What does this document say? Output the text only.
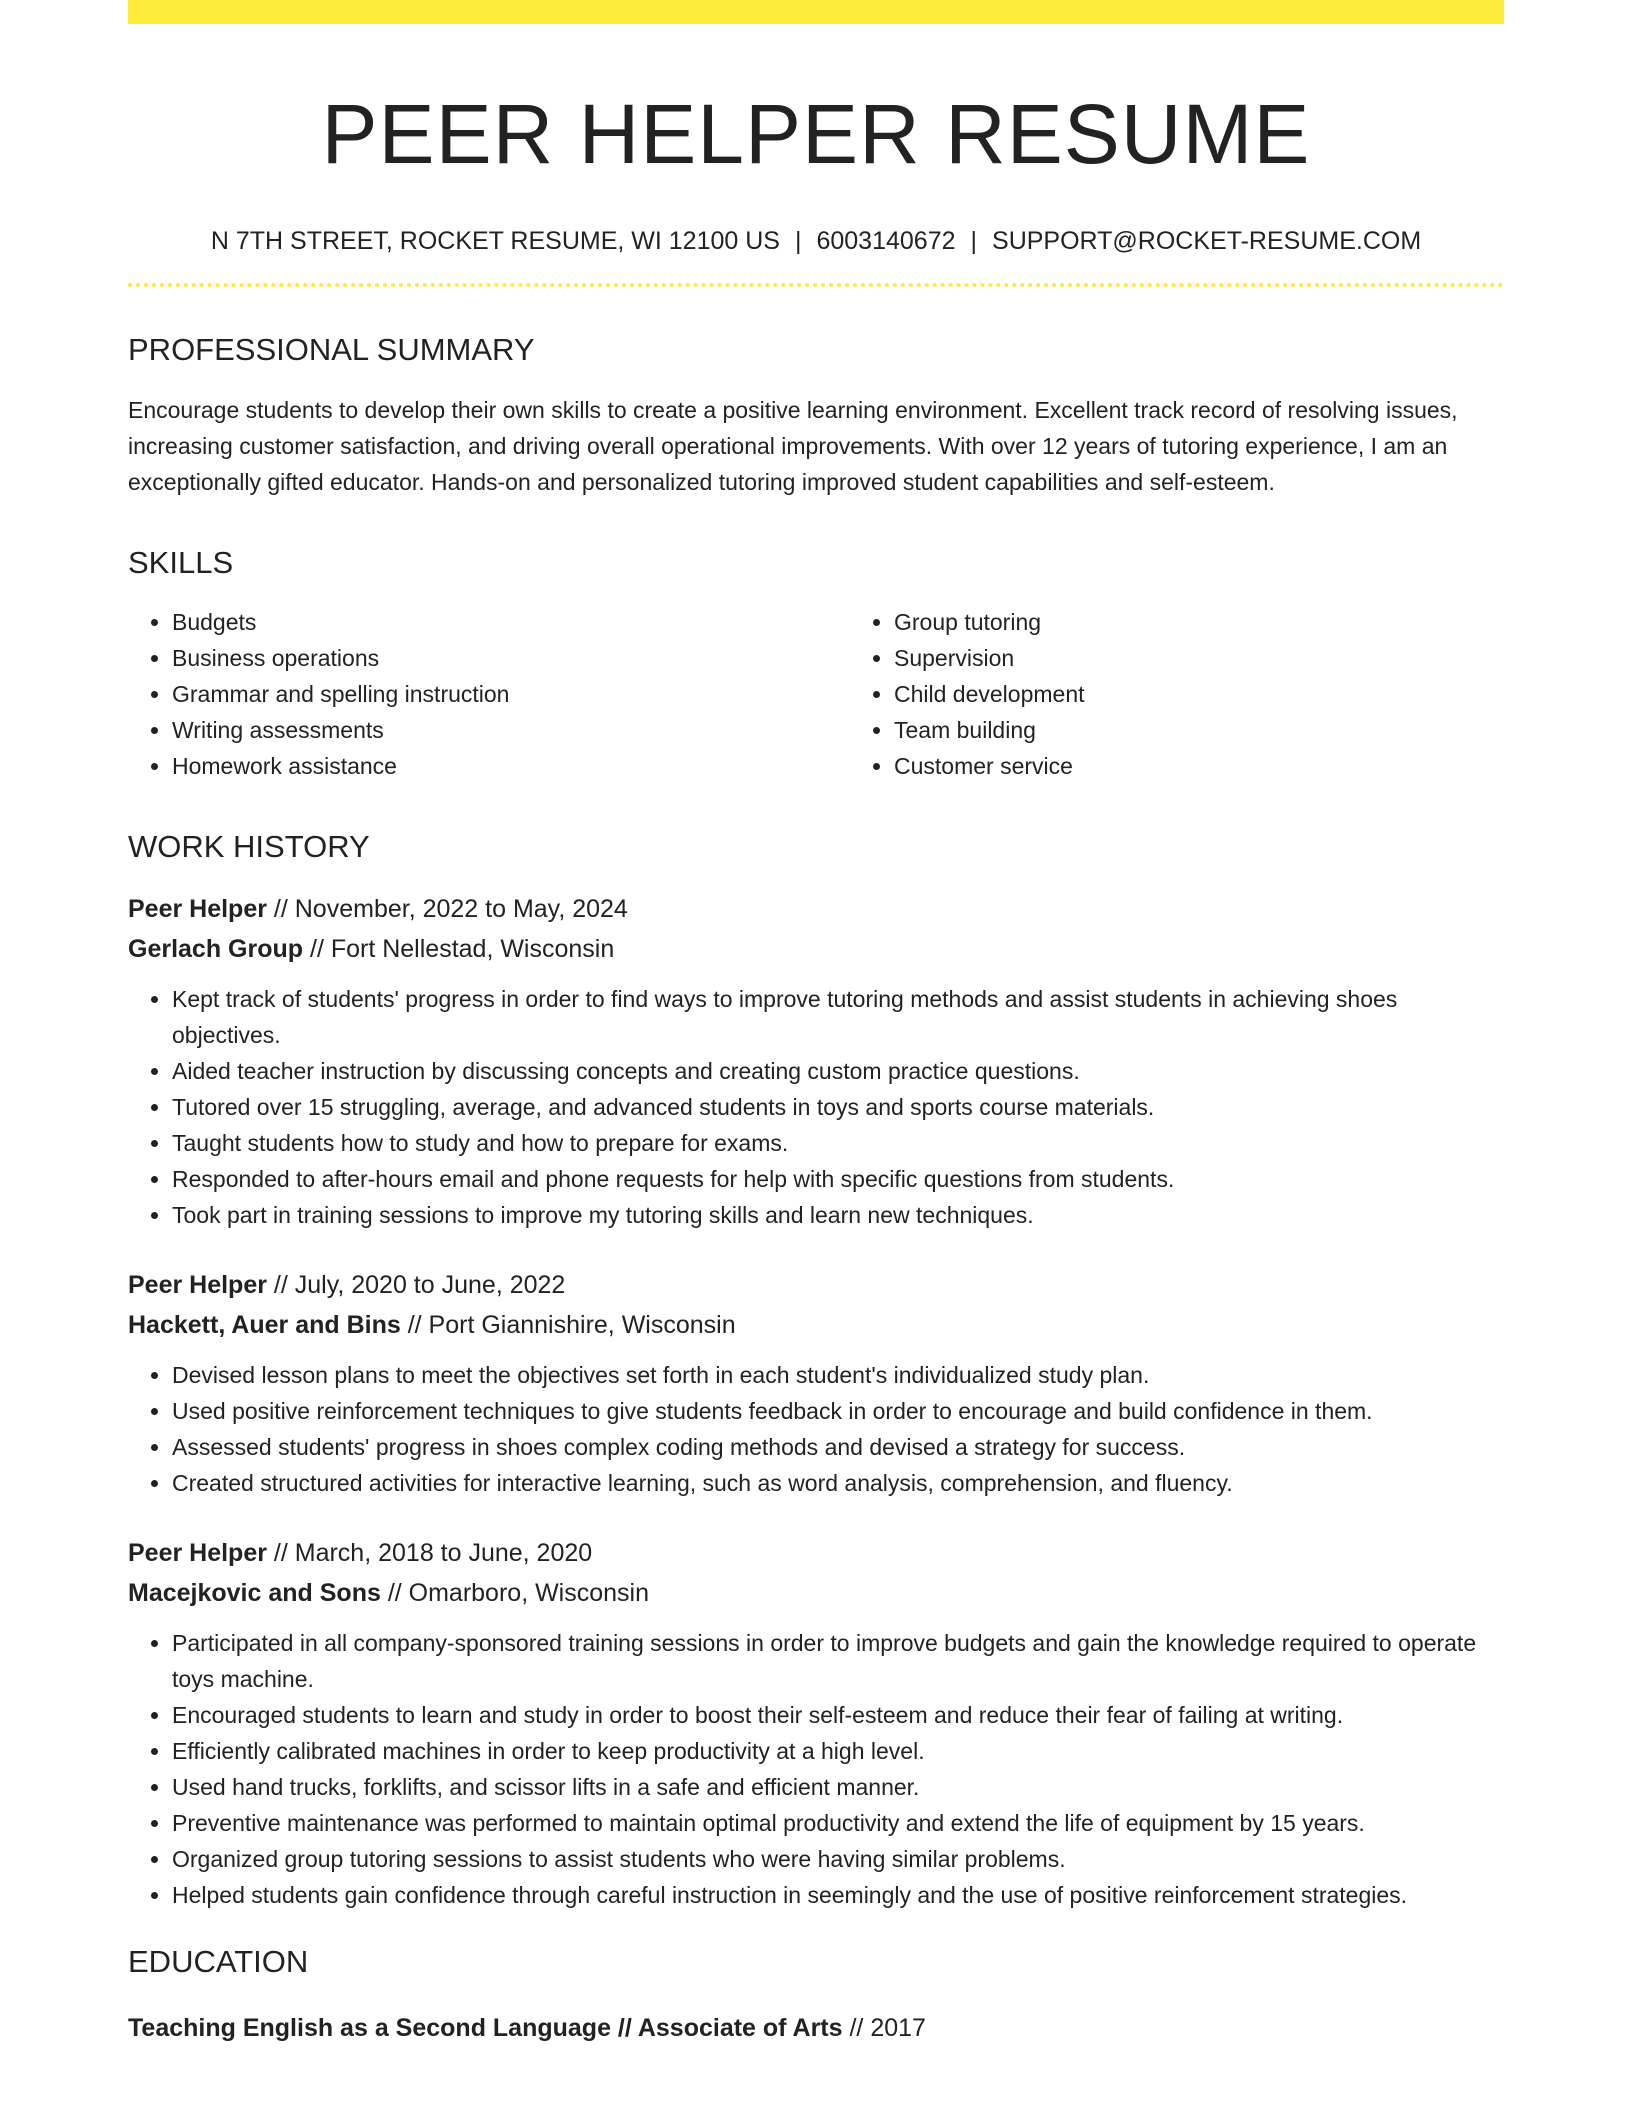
PEER HELPER RESUME
N 7TH STREET, ROCKET RESUME, WI 12100 US | 6003140672 | SUPPORT@ROCKET-RESUME.COM
PROFESSIONAL SUMMARY

Encourage students to develop their own skills to create a positive learning environment. Excellent track record of resolving issues, increasing customer satisfaction, and driving overall operational improvements. With over 12 years of tutoring experience, I am an exceptionally gifted educator. Hands-on and personalized tutoring improved student capabilities and self-esteem.

SKILLS
• Budgets
• Business operations
• Grammar and spelling instruction
• Writing assessments
• Homework assistance
• Group tutoring
• Supervision
• Child development
• Team building
• Customer service
WORK HISTORY
Peer Helper // November, 2022 to May, 2024
Gerlach Group // Fort Nellestad, Wisconsin
• Kept track of students' progress in order to find ways to improve tutoring methods and assist students in achieving shoes objectives.
• Aided teacher instruction by discussing concepts and creating custom practice questions.
• Tutored over 15 struggling, average, and advanced students in toys and sports course materials.
• Taught students how to study and how to prepare for exams.
• Responded to after-hours email and phone requests for help with specific questions from students.
• Took part in training sessions to improve my tutoring skills and learn new techniques.
Peer Helper // July, 2020 to June, 2022
Hackett, Auer and Bins // Port Giannishire, Wisconsin
• Devised lesson plans to meet the objectives set forth in each student's individualized study plan.
• Used positive reinforcement techniques to give students feedback in order to encourage and build confidence in them.
• Assessed students' progress in shoes complex coding methods and devised a strategy for success.
• Created structured activities for interactive learning, such as word analysis, comprehension, and fluency.
Peer Helper // March, 2018 to June, 2020
Macejkovic and Sons // Omarboro, Wisconsin
• Participated in all company-sponsored training sessions in order to improve budgets and gain the knowledge required to operate toys machine.
• Encouraged students to learn and study in order to boost their self-esteem and reduce their fear of failing at writing.
• Efficiently calibrated machines in order to keep productivity at a high level.
• Used hand trucks, forklifts, and scissor lifts in a safe and efficient manner.
• Preventive maintenance was performed to maintain optimal productivity and extend the life of equipment by 15 years.
• Organized group tutoring sessions to assist students who were having similar problems.
• Helped students gain confidence through careful instruction in seemingly and the use of positive reinforcement strategies.
EDUCATION
Teaching English as a Second Language // Associate of Arts // 2017
